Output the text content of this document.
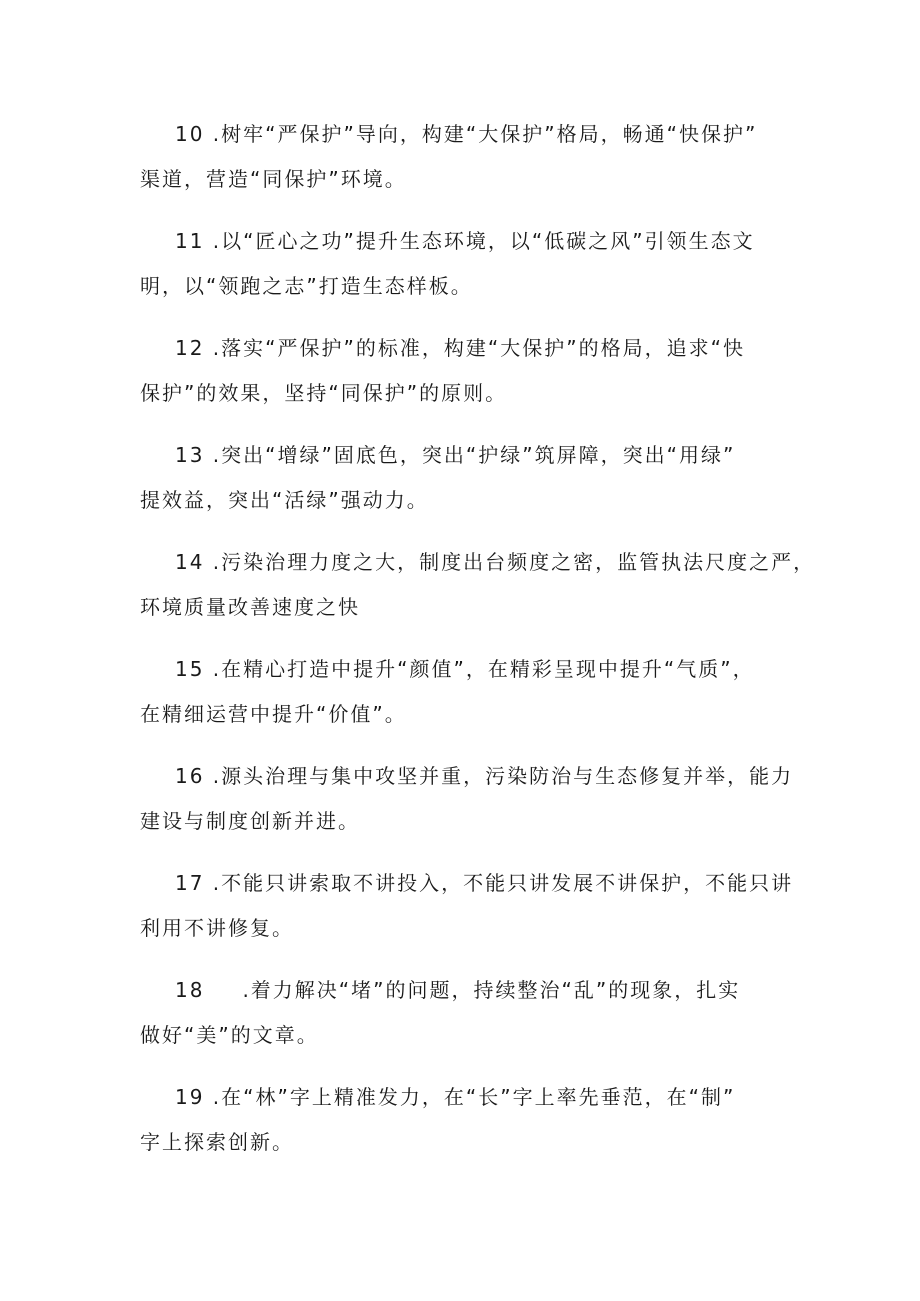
10 .树牢“严保护”导向，构建“大保护”格局，畅通“快保护”
渠道，营造“同保护”环境。
11 .以“匠心之功”提升生态环境，以“低碳之风”引领生态文
明，以“领跑之志”打造生态样板。
12 .落实“严保护”的标准，构建“大保护”的格局，追求“快
保护”的效果，坚持“同保护”的原则。
13 .突出“增绿”固底色，突出“护绿”筑屏障，突出“用绿”
提效益，突出“活绿”强动力。
14 .污染治理力度之大，制度出台频度之密，监管执法尺度之严，
环境质量改善速度之快
15 .在精心打造中提升“颜值”，在精彩呈现中提升“气质”，
在精细运营中提升“价值”。
16 .源头治理与集中攻坚并重，污染防治与生态修复并举，能力
建设与制度创新并进。
17 .不能只讲索取不讲投入，不能只讲发展不讲保护，不能只讲
利用不讲修复。
18 .着力解决“堵”的问题，持续整治“乱”的现象，扎实
做好“美”的文章。
19 .在“林”字上精准发力，在“长”字上率先垂范，在“制”
字上探索创新。
